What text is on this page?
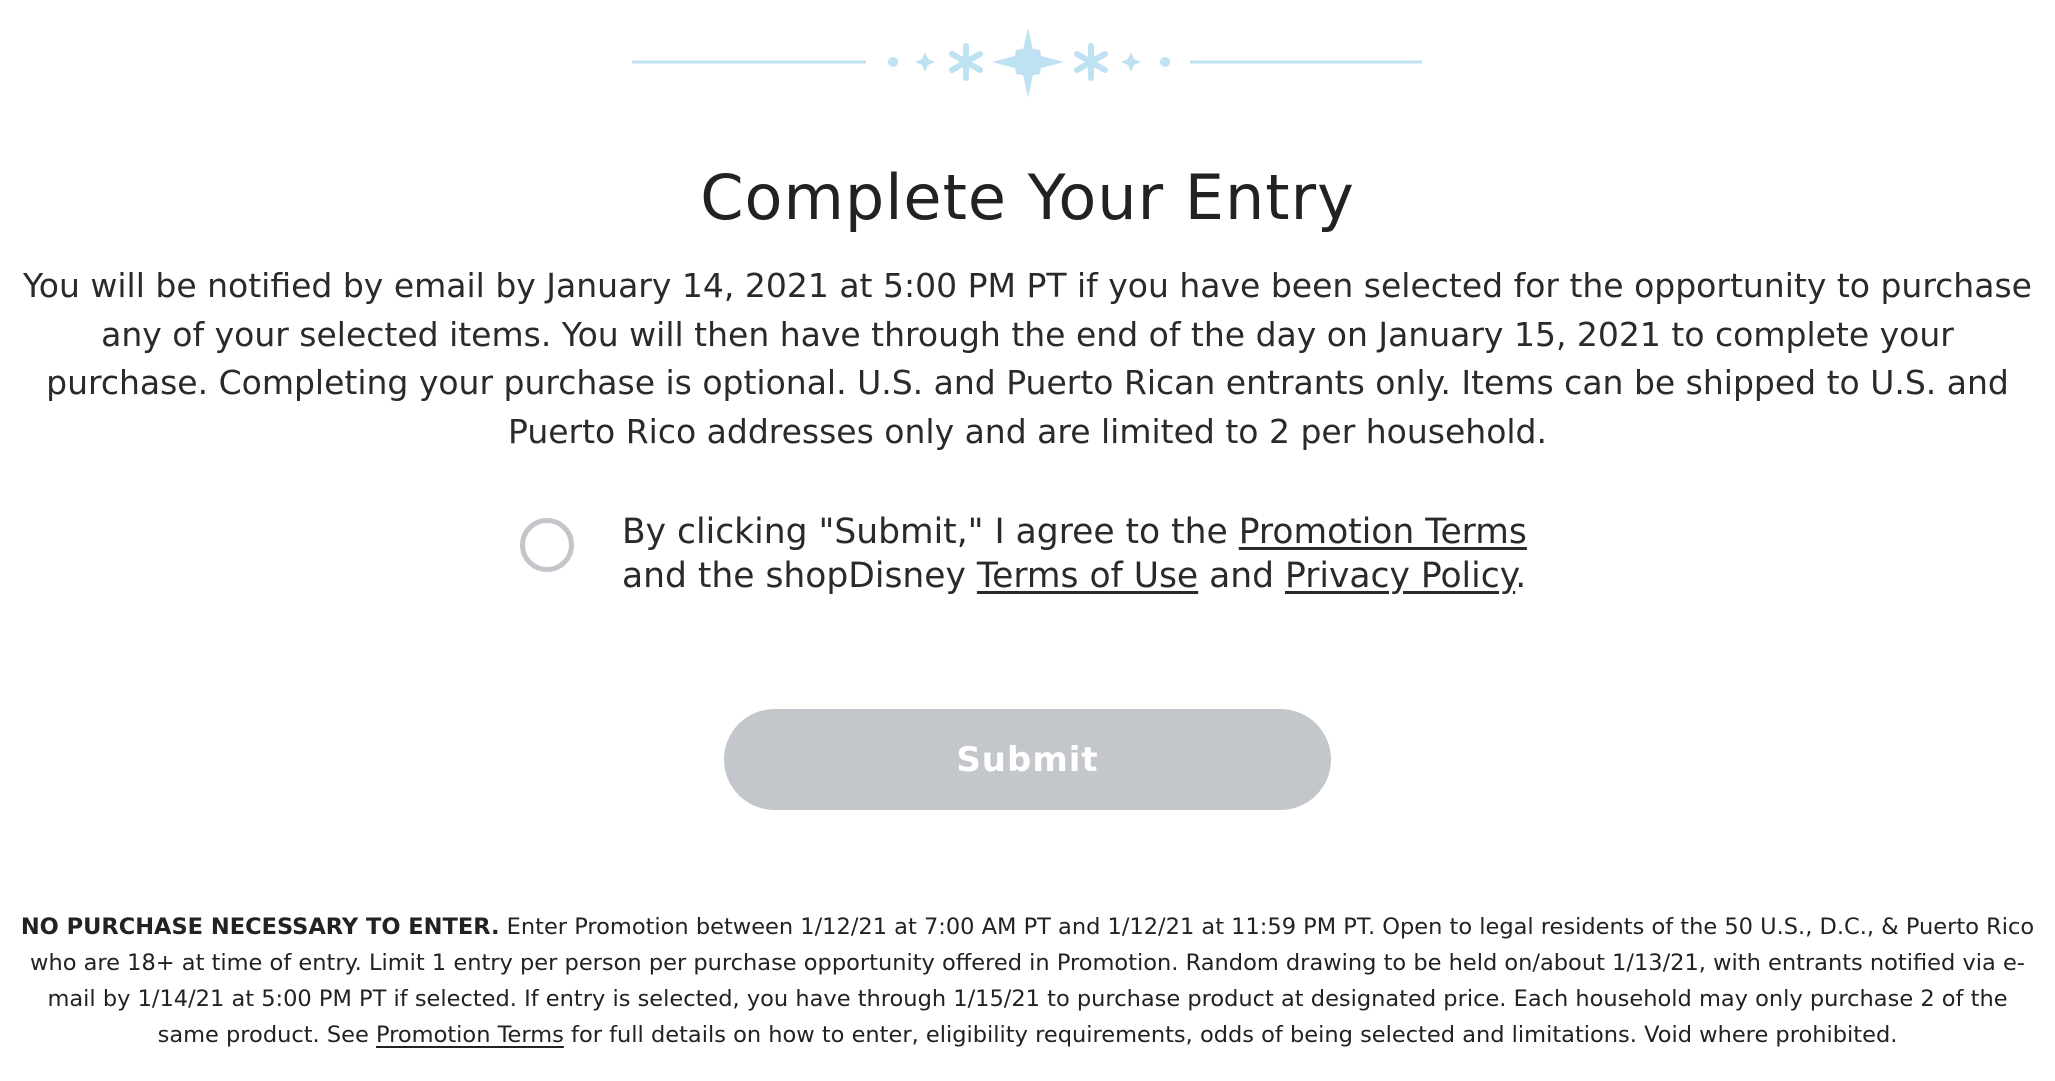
Complete Your Entry

You will be notified by email by January 14, 2021 at 5:00 PM PT if you have been selected for the opportunity to purchase any of your selected items. You will then have through the end of the day on January 15, 2021 to complete your purchase. Completing your purchase is optional. U.S. and Puerto Rican entrants only. Items can be shipped to U.S. and Puerto Rico addresses only and are limited to 2 per household.

By clicking "Submit," I agree to the Promotion Terms
and the shopDisney Terms of Use and Privacy Policy.
Submit

NO PURCHASE NECESSARY TO ENTER. Enter Promotion between 1/12/21 at 7:00 AM PT and 1/12/21 at 11:59 PM PT. Open to legal residents of the 50 U.S., D.C., & Puerto Rico who are 18+ at time of entry. Limit 1 entry per person per purchase opportunity offered in Promotion. Random drawing to be held on/about 1/13/21, with entrants notified via e-mail by 1/14/21 at 5:00 PM PT if selected. If entry is selected, you have through 1/15/21 to purchase product at designated price. Each household may only purchase 2 of the same product. See Promotion Terms for full details on how to enter, eligibility requirements, odds of being selected and limitations. Void where prohibited.
